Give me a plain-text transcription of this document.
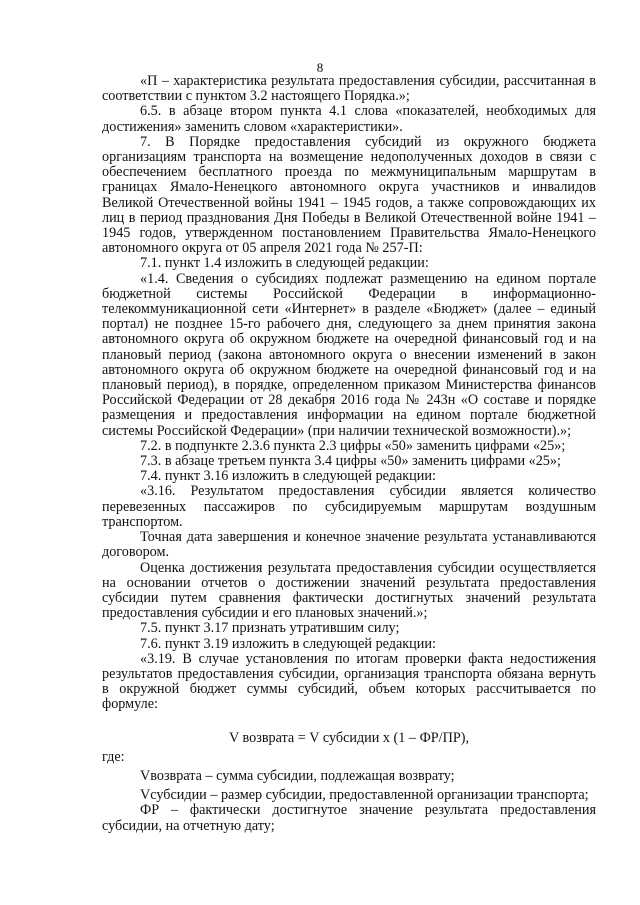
8

«П – характеристика результата предоставления субсидии, рассчитанная в соответствии с пунктом 3.2 настоящего Порядка.»;

6.5. в абзаце втором пункта 4.1 слова «показателей, необходимых для достижения» заменить словом «характеристики».

7. В Порядке предоставления субсидий из окружного бюджета организациям транспорта на возмещение недополученных доходов в связи с обеспечением бесплатного проезда по межмуниципальным маршрутам в границах Ямало-Ненецкого автономного округа участников и инвалидов Великой Отечественной войны 1941 – 1945 годов, а также сопровождающих их лиц в период празднования Дня Победы в Великой Отечественной войне 1941 – 1945 годов, утвержденном постановлением Правительства Ямало-Ненецкого автономного округа от 05 апреля 2021 года № 257-П:

7.1. пункт 1.4 изложить в следующей редакции:

«1.4. Сведения о субсидиях подлежат размещению на едином портале бюджетной системы Российской Федерации в информационно-телекоммуникационной сети «Интернет» в разделе «Бюджет» (далее – единый портал) не позднее 15-го рабочего дня, следующего за днем принятия закона автономного округа об окружном бюджете на очередной финансовый год и на плановый период (закона автономного округа о внесении изменений в закон автономного округа об окружном бюджете на очередной финансовый год и на плановый период), в порядке, определенном приказом Министерства финансов Российской Федерации от 28 декабря 2016 года № 243н «О составе и порядке размещения и предоставления информации на едином портале бюджетной системы Российской Федерации» (при наличии технической возможности).»;

7.2. в подпункте 2.3.6 пункта 2.3 цифры «50» заменить цифрами «25»;

7.3. в абзаце третьем пункта 3.4 цифры «50» заменить цифрами «25»;

7.4. пункт 3.16 изложить в следующей редакции:

«3.16. Результатом предоставления субсидии является количество перевезенных пассажиров по субсидируемым маршрутам воздушным транспортом.

Точная дата завершения и конечное значение результата устанавливаются договором.

Оценка достижения результата предоставления субсидии осуществляется на основании отчетов о достижении значений результата предоставления субсидии путем сравнения фактически достигнутых значений результата предоставления субсидии и его плановых значений.»;

7.5. пункт 3.17 признать утратившим силу;

7.6. пункт 3.19 изложить в следующей редакции:

«3.19. В случае установления по итогам проверки факта недостижения результатов предоставления субсидии, организация транспорта обязана вернуть в окружной бюджет суммы субсидий, объем которых рассчитывается по формуле:

V возврата = V субсидии x (1 – ФР/ПР),

где:

Vвозврата – сумма субсидии, подлежащая возврату;

Vсубсидии – размер субсидии, предоставленной организации транспорта;

ФР – фактически достигнутое значение результата предоставления субсидии, на отчетную дату;
